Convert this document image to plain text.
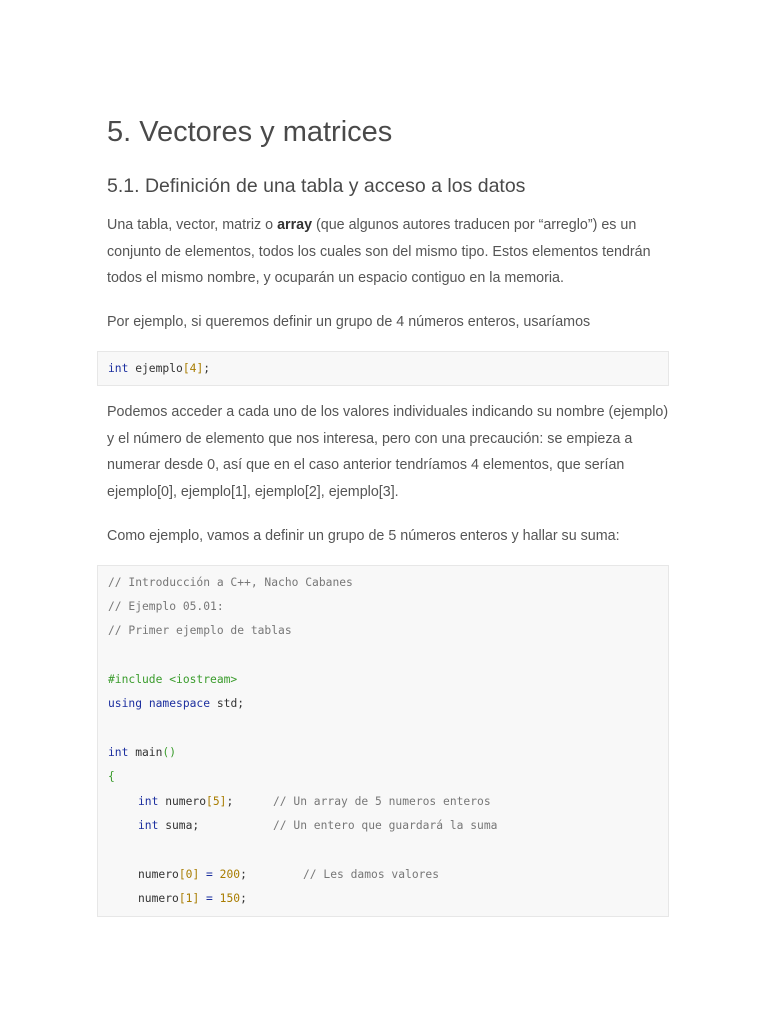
5. Vectores y matrices
5.1. Definición de una tabla y acceso a los datos

Una tabla, vector, matriz o array (que algunos autores traducen por “arreglo”) es un conjunto de elementos, todos los cuales son del mismo tipo. Estos elementos tendrán todos el mismo nombre, y ocuparán un espacio contiguo en la memoria.

Por ejemplo, si queremos definir un grupo de 4 números enteros, usaríamos

int ejemplo[4];

Podemos acceder a cada uno de los valores individuales indicando su nombre (ejemplo) y el número de elemento que nos interesa, pero con una precaución: se empieza a numerar desde 0, así que en el caso anterior tendríamos 4 elementos, que serían ejemplo[0], ejemplo[1], ejemplo[2], ejemplo[3].

Como ejemplo, vamos a definir un grupo de 5 números enteros y hallar su suma:

// Introducción a C++, Nacho Cabanes
// Ejemplo 05.01:
// Primer ejemplo de tablas
#include <iostream>
using namespace std;
int main()
{
int numero[5];	// Un array de 5 numeros enteros
int suma;	// Un entero que guardará la suma
numero[0] = 200;	// Les damos valores
numero[1] = 150;
